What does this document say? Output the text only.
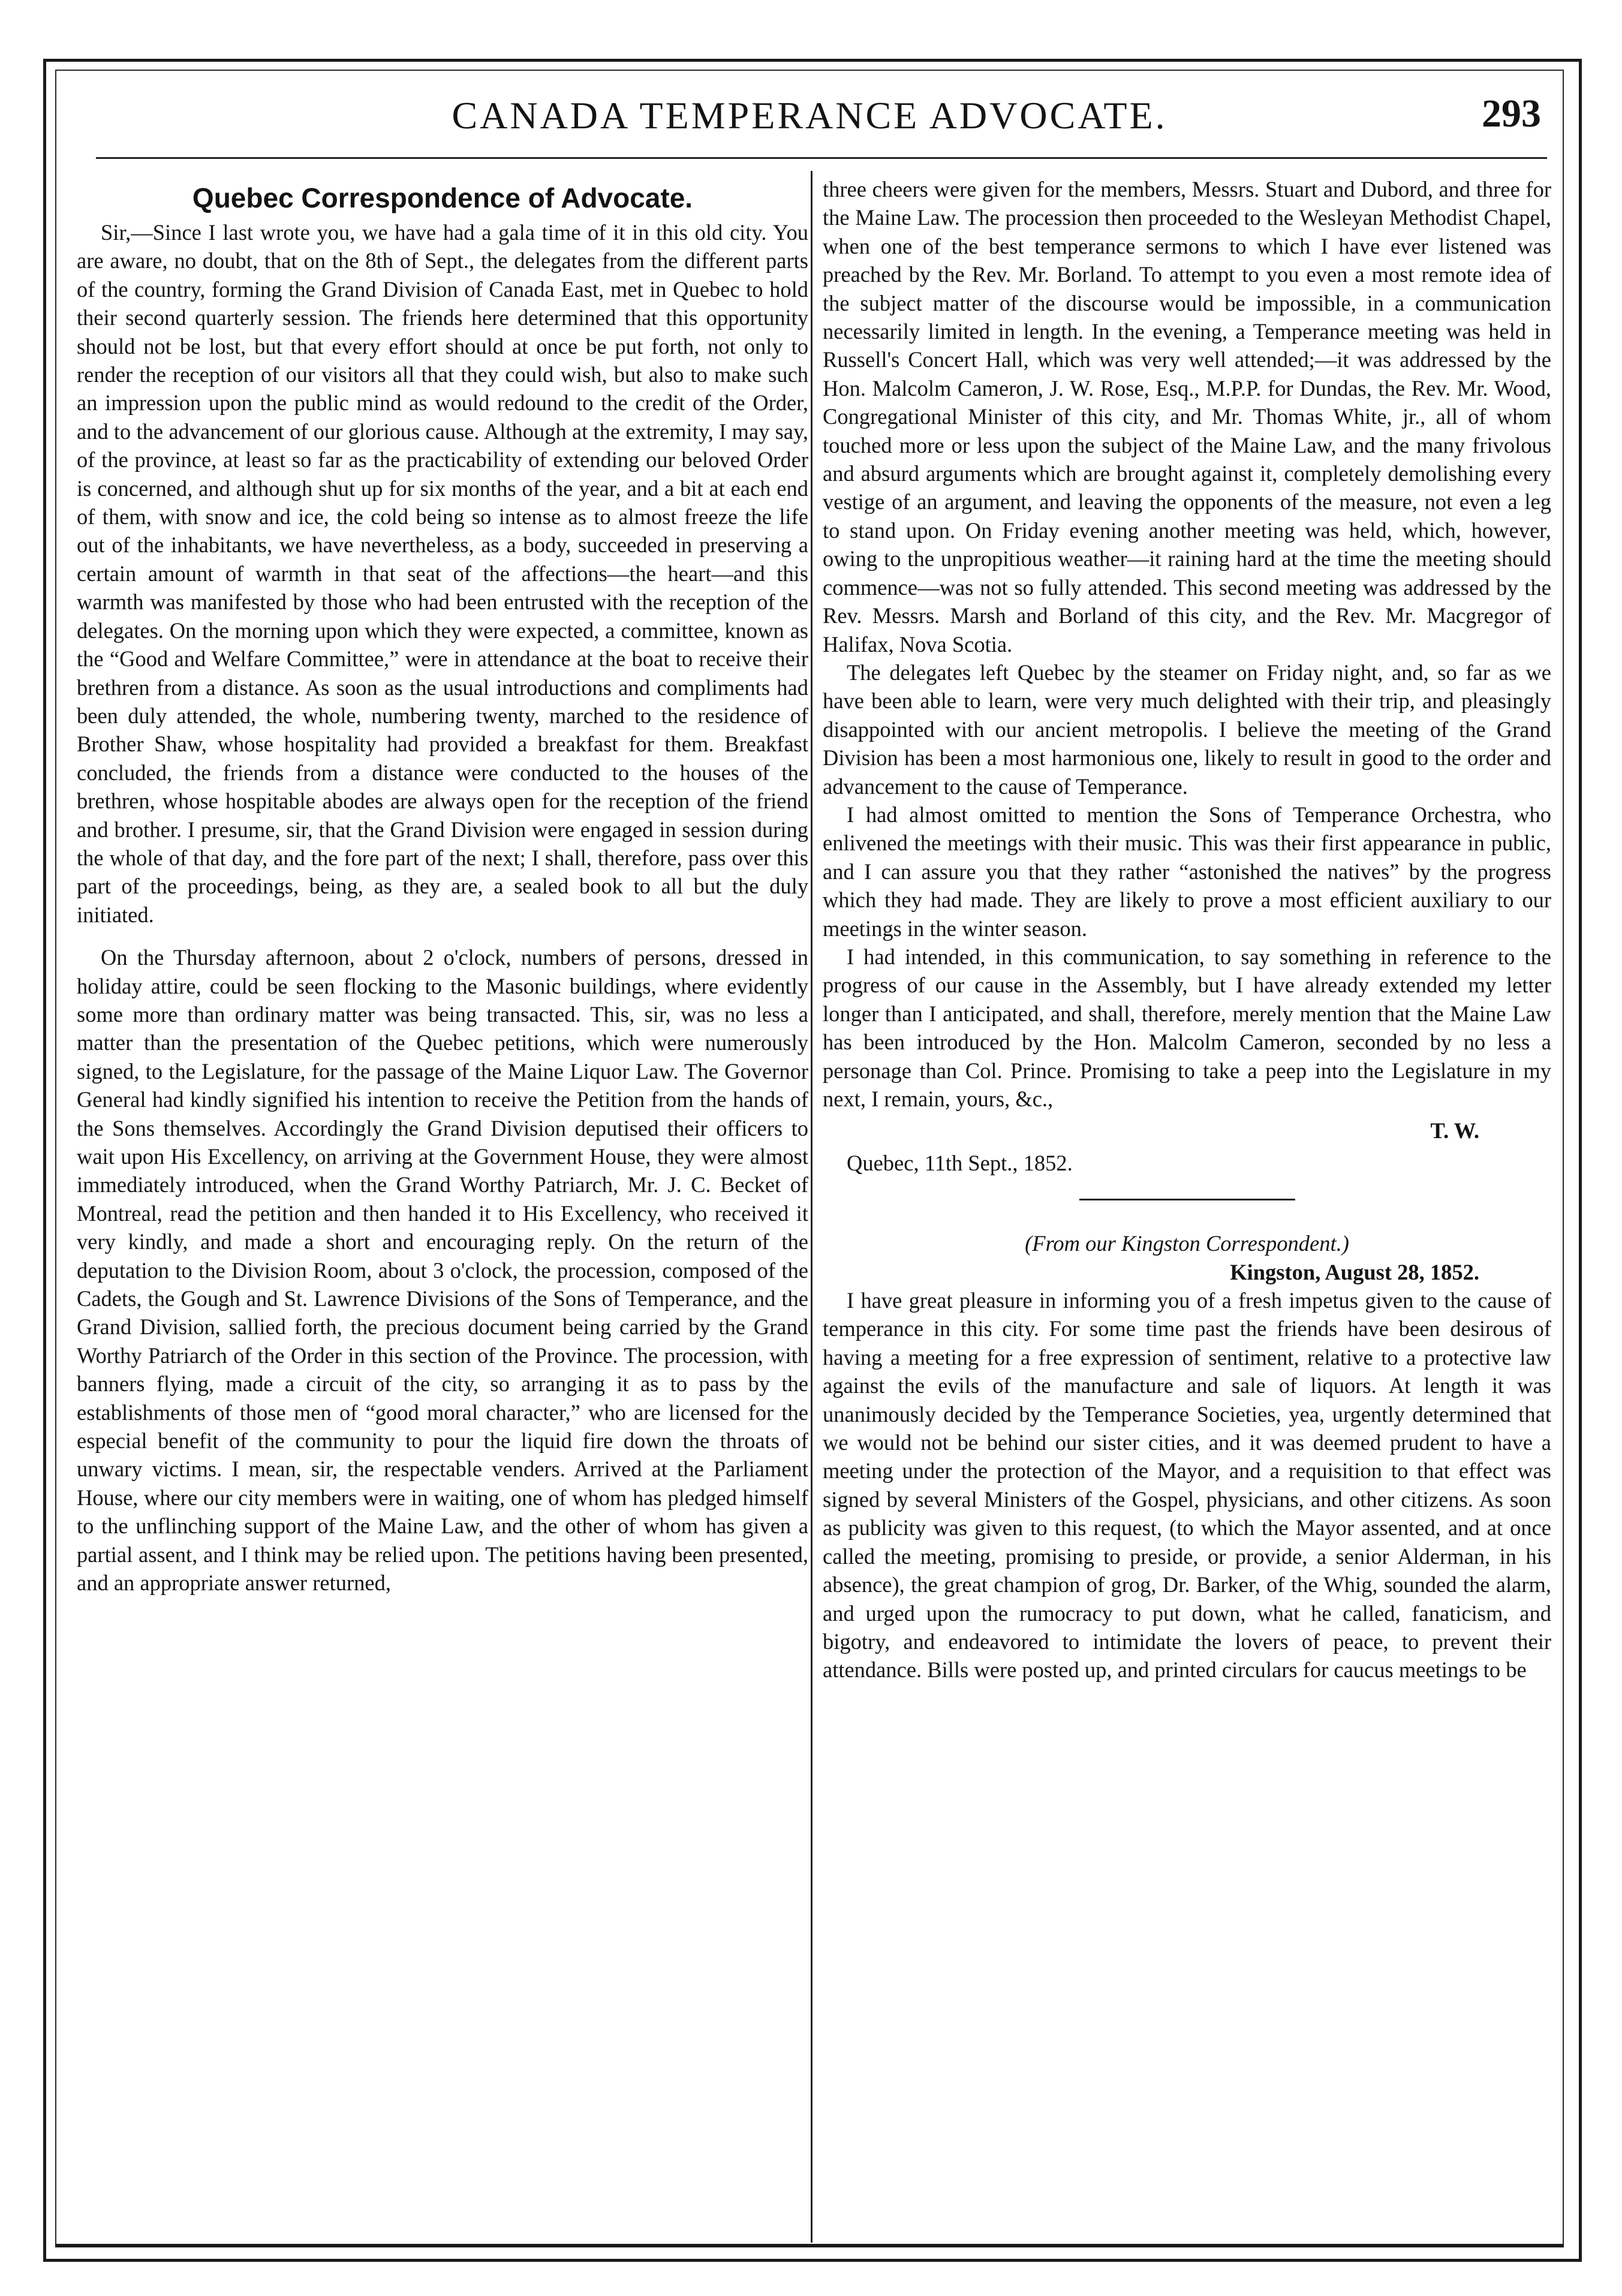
CANADA TEMPERANCE ADVOCATE.	293
Quebec Correspondence of Advocate.

Sir,—Since I last wrote you, we have had a gala time of it in this old city. You are aware, no doubt, that on the 8th of Sept., the delegates from the different parts of the country, forming the Grand Division of Canada East, met in Quebec to hold their second quarterly session. The friends here determined that this opportunity should not be lost, but that every effort should at once be put forth, not only to render the reception of our visitors all that they could wish, but also to make such an impression upon the public mind as would redound to the credit of the Order, and to the advancement of our glorious cause. Although at the extremity, I may say, of the province, at least so far as the practicability of extending our beloved Order is concerned, and although shut up for six months of the year, and a bit at each end of them, with snow and ice, the cold being so intense as to almost freeze the life out of the inhabitants, we have nevertheless, as a body, succeeded in preserving a certain amount of warmth in that seat of the affections—the heart—and this warmth was manifested by those who had been entrusted with the reception of the delegates. On the morning upon which they were expected, a committee, known as the “Good and Welfare Committee,” were in attendance at the boat to receive their brethren from a distance. As soon as the usual introductions and compliments had been duly attended, the whole, numbering twenty, marched to the residence of Brother Shaw, whose hospitality had provided a breakfast for them. Breakfast concluded, the friends from a distance were conducted to the houses of the brethren, whose hospitable abodes are always open for the reception of the friend and brother. I presume, sir, that the Grand Division were engaged in session during the whole of that day, and the fore part of the next; I shall, therefore, pass over this part of the proceedings, being, as they are, a sealed book to all but the duly initiated.

On the Thursday afternoon, about 2 o'clock, numbers of persons, dressed in holiday attire, could be seen flocking to the Masonic buildings, where evidently some more than ordinary matter was being transacted. This, sir, was no less a matter than the presentation of the Quebec petitions, which were numerously signed, to the Legislature, for the passage of the Maine Liquor Law. The Governor General had kindly signified his intention to receive the Petition from the hands of the Sons themselves. Accordingly the Grand Division deputised their officers to wait upon His Excellency, on arriving at the Government House, they were almost immediately introduced, when the Grand Worthy Patriarch, Mr. J. C. Becket of Montreal, read the petition and then handed it to His Excellency, who received it very kindly, and made a short and encouraging reply. On the return of the deputation to the Division Room, about 3 o'clock, the procession, composed of the Cadets, the Gough and St. Lawrence Divisions of the Sons of Temperance, and the Grand Division, sallied forth, the precious document being carried by the Grand Worthy Patriarch of the Order in this section of the Province. The procession, with banners flying, made a circuit of the city, so arranging it as to pass by the establishments of those men of “good moral character,” who are licensed for the especial benefit of the community to pour the liquid fire down the throats of unwary victims. I mean, sir, the respectable venders. Arrived at the Parliament House, where our city members were in waiting, one of whom has pledged himself to the unflinching support of the Maine Law, and the other of whom has given a partial assent, and I think may be relied upon. The petitions having been presented, and an appropriate answer returned,

three cheers were given for the members, Messrs. Stuart and Dubord, and three for the Maine Law. The procession then proceeded to the Wesleyan Methodist Chapel, when one of the best temperance sermons to which I have ever listened was preached by the Rev. Mr. Borland. To attempt to you even a most remote idea of the subject matter of the discourse would be impossible, in a communication necessarily limited in length. In the evening, a Temperance meeting was held in Russell's Concert Hall, which was very well attended;—it was addressed by the Hon. Malcolm Cameron, J. W. Rose, Esq., M.P.P. for Dundas, the Rev. Mr. Wood, Congregational Minister of this city, and Mr. Thomas White, jr., all of whom touched more or less upon the subject of the Maine Law, and the many frivolous and absurd arguments which are brought against it, completely demolishing every vestige of an argument, and leaving the opponents of the measure, not even a leg to stand upon. On Friday evening another meeting was held, which, however, owing to the unpropitious weather—it raining hard at the time the meeting should commence—was not so fully attended. This second meeting was addressed by the Rev. Messrs. Marsh and Borland of this city, and the Rev. Mr. Macgregor of Halifax, Nova Scotia.

The delegates left Quebec by the steamer on Friday night, and, so far as we have been able to learn, were very much delighted with their trip, and pleasingly disappointed with our ancient metropolis. I believe the meeting of the Grand Division has been a most harmonious one, likely to result in good to the order and advancement to the cause of Temperance.

I had almost omitted to mention the Sons of Temperance Orchestra, who enlivened the meetings with their music. This was their first appearance in public, and I can assure you that they rather “astonished the natives” by the progress which they had made. They are likely to prove a most efficient auxiliary to our meetings in the winter season.

I had intended, in this communication, to say something in reference to the progress of our cause in the Assembly, but I have already extended my letter longer than I anticipated, and shall, therefore, merely mention that the Maine Law has been introduced by the Hon. Malcolm Cameron, seconded by no less a personage than Col. Prince. Promising to take a peep into the Legislature in my next, I remain, yours, &c.,

T. W.
Quebec, 11th Sept., 1852.
(From our Kingston Correspondent.)
Kingston, August 28, 1852.

I have great pleasure in informing you of a fresh impetus given to the cause of temperance in this city. For some time past the friends have been desirous of having a meeting for a free expression of sentiment, relative to a protective law against the evils of the manufacture and sale of liquors. At length it was unanimously decided by the Temperance Societies, yea, urgently determined that we would not be behind our sister cities, and it was deemed prudent to have a meeting under the protection of the Mayor, and a requisition to that effect was signed by several Ministers of the Gospel, physicians, and other citizens. As soon as publicity was given to this request, (to which the Mayor assented, and at once called the meeting, promising to preside, or provide, a senior Alderman, in his absence), the great champion of grog, Dr. Barker, of the Whig, sounded the alarm, and urged upon the rumocracy to put down, what he called, fanaticism, and bigotry, and endeavored to intimidate the lovers of peace, to prevent their attendance. Bills were posted up, and printed circulars for caucus meetings to be
